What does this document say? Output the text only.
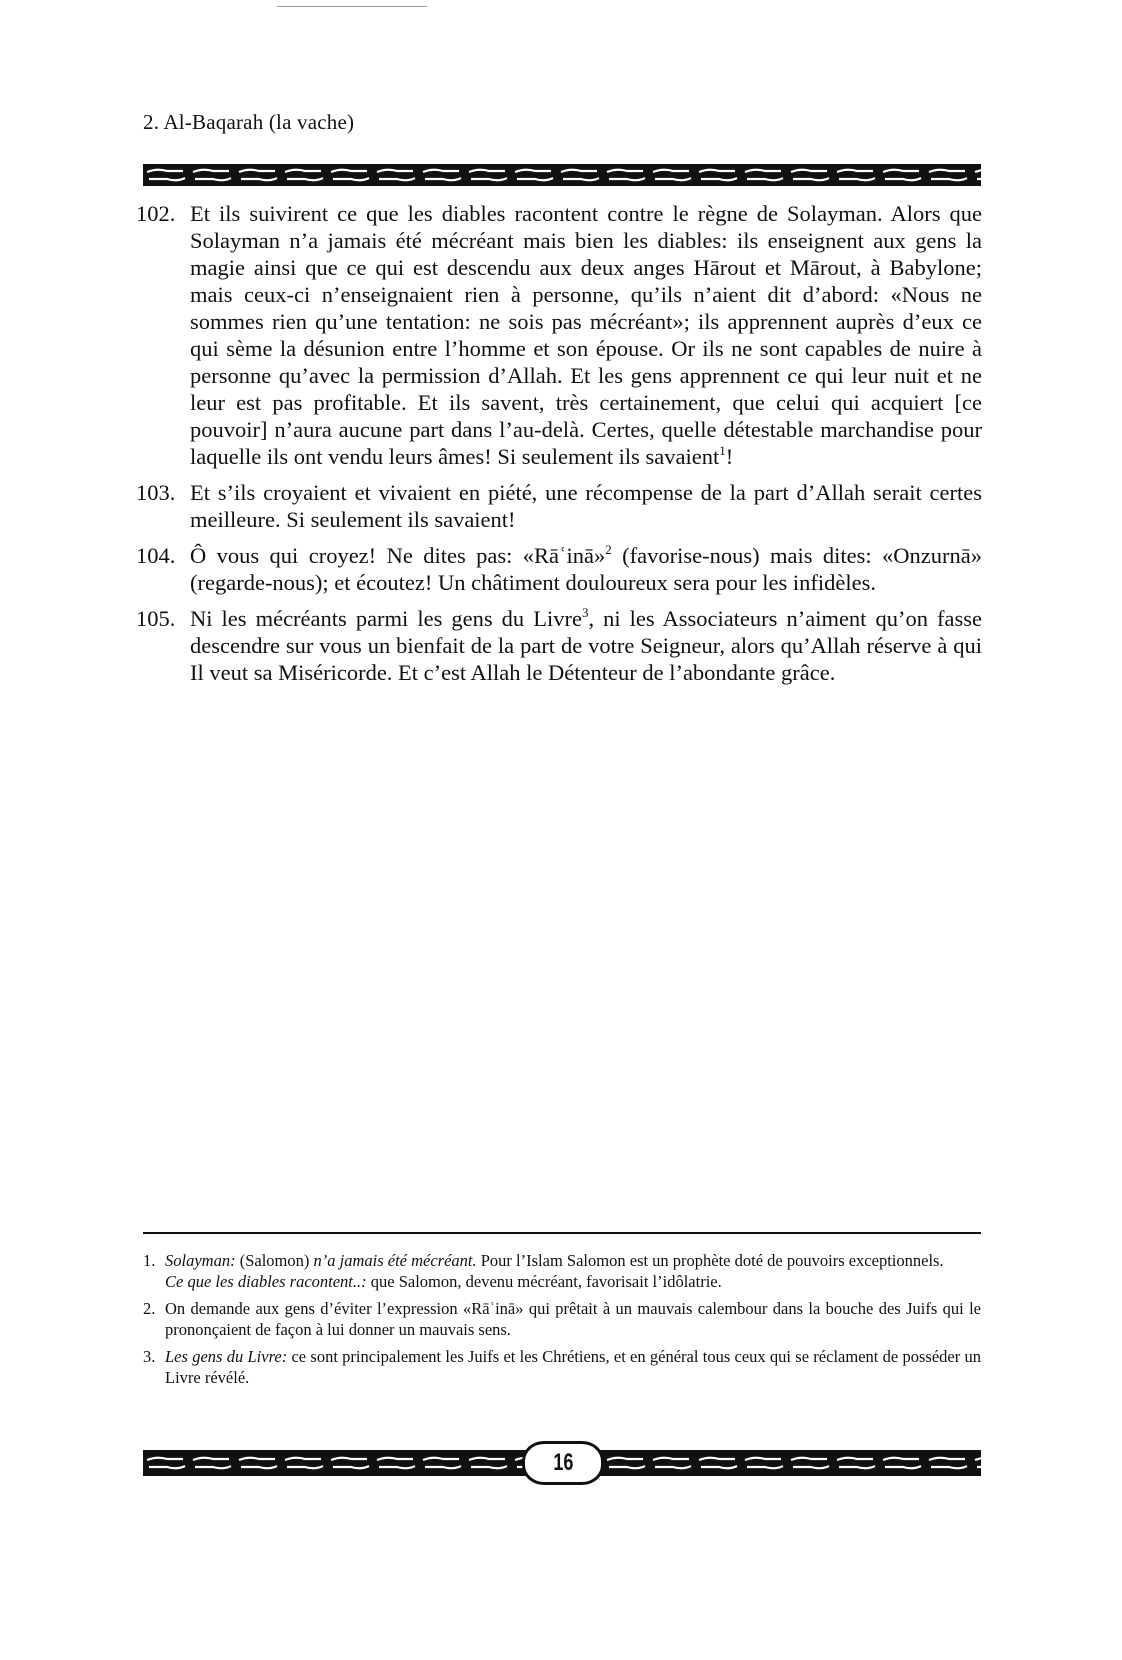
2. Al-Baqarah (la vache)
102. Et ils suivirent ce que les diables racontent contre le règne de Solayman. Alors que Solayman n’a jamais été mécréant mais bien les diables: ils enseignent aux gens la magie ainsi que ce qui est descendu aux deux anges Hārout et Mārout, à Babylone; mais ceux-ci n’enseignaient rien à personne, qu’ils n’aient dit d’abord: «Nous ne sommes rien qu’une tentation: ne sois pas mécréant»; ils apprennent auprès d’eux ce qui sème la désunion entre l’homme et son épouse. Or ils ne sont capables de nuire à personne qu’avec la permission d’Allah. Et les gens apprennent ce qui leur nuit et ne leur est pas profitable. Et ils savent, très certainement, que celui qui acquiert [ce pouvoir] n’aura aucune part dans l’au-delà. Certes, quelle détestable marchandise pour laquelle ils ont vendu leurs âmes! Si seulement ils savaient$^1$!
103. Et s’ils croyaient et vivaient en piété, une récompense de la part d’Allah serait certes meilleure. Si seulement ils savaient!
104. Ô vous qui croyez! Ne dites pas: «Rāʿinā»$^2$ (favorise-nous) mais dites: «Onzurnā» (regarde-nous); et écoutez! Un châtiment douloureux sera pour les infidèles.
105. Ni les mécréants parmi les gens du Livre$^3$, ni les Associateurs n’aiment qu’on fasse descendre sur vous un bienfait de la part de votre Seigneur, alors qu’Allah réserve à qui Il veut sa Miséricorde. Et c’est Allah le Détenteur de l’abondante grâce.
1. Solayman: (Salomon) n’a jamais été mécréant. Pour l’Islam Salomon est un prophète doté de pouvoirs exceptionnels.

Ce que les diables racontent..: que Salomon, devenu mécréant, favorisait l’idôlatrie.

2. On demande aux gens d’éviter l’expression «Rāʿinā» qui prêtait à un mauvais calembour dans la bouche des Juifs qui le prononçaient de façon à lui donner un mauvais sens.
3. Les gens du Livre: ce sont principalement les Juifs et les Chrétiens, et en général tous ceux qui se réclament de posséder un Livre révélé.
16
